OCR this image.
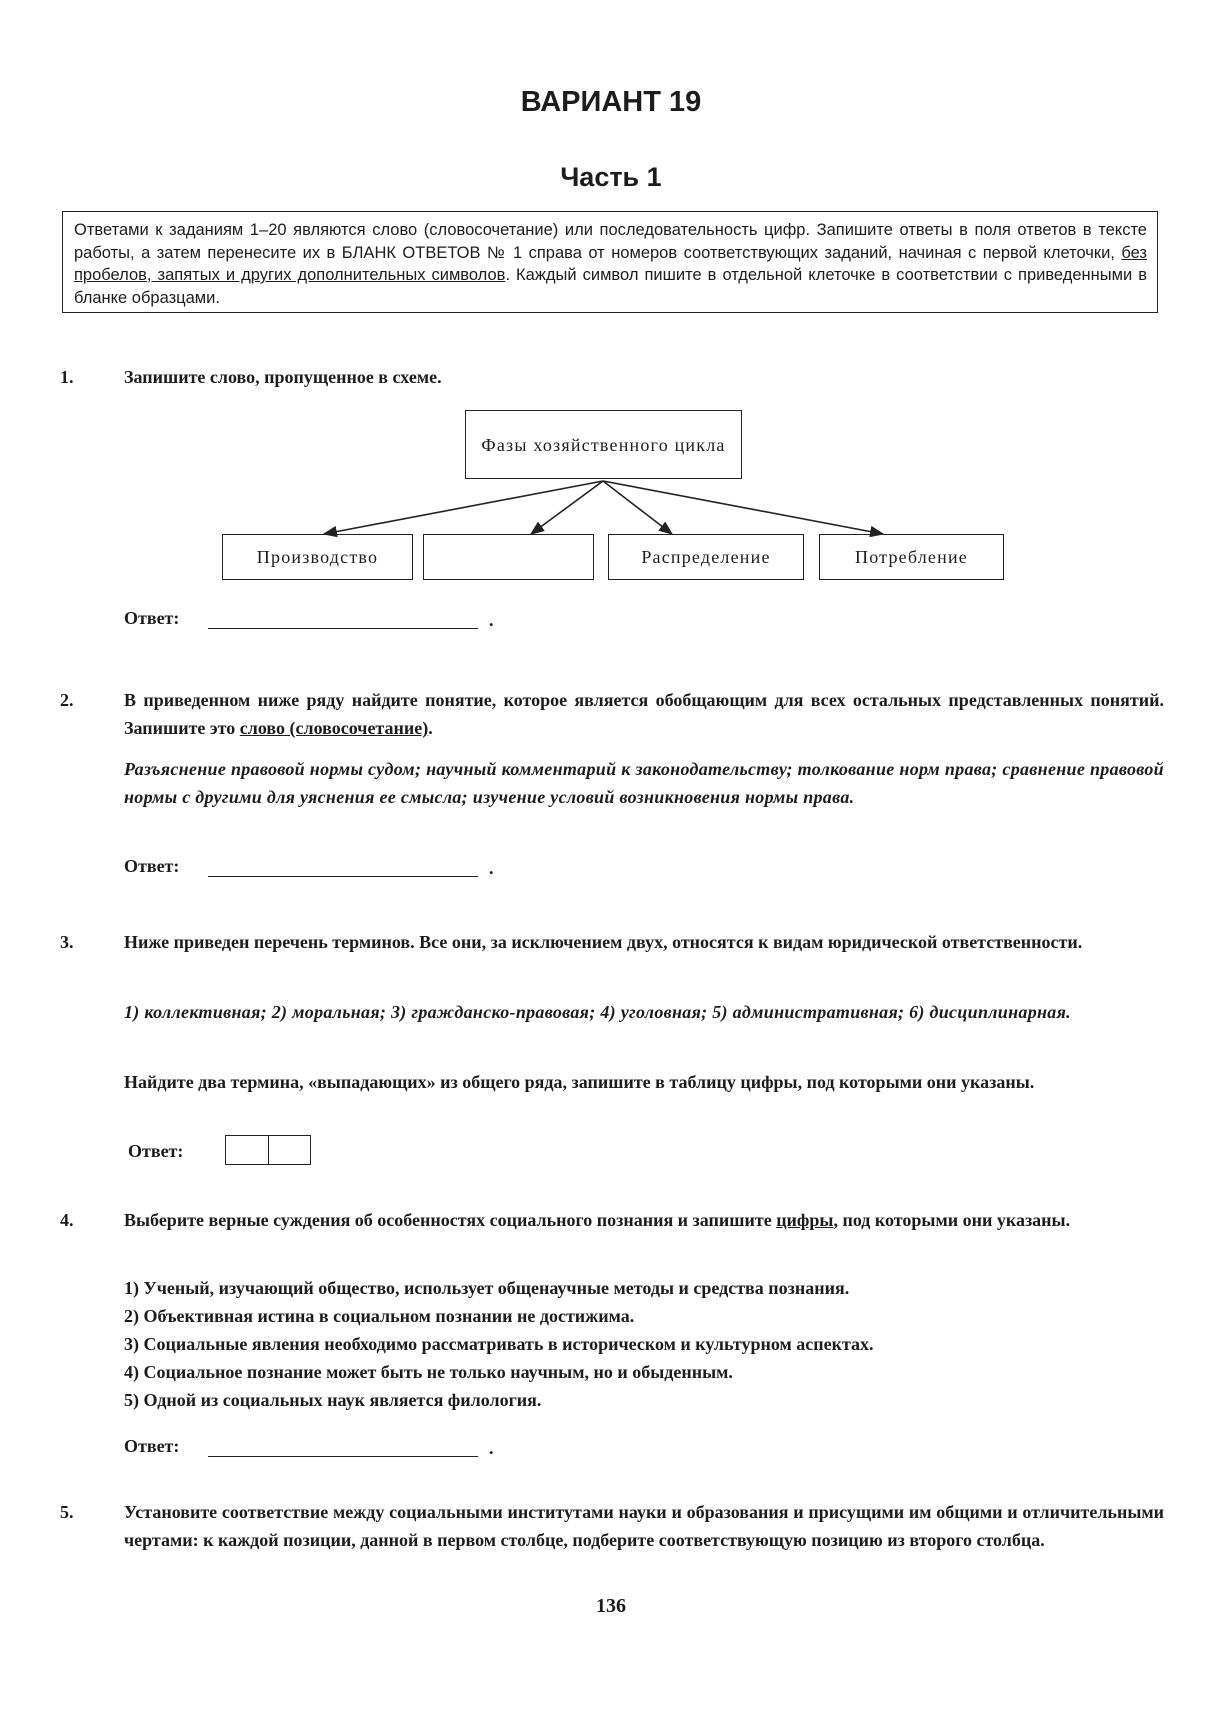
ВАРИАНТ 19
Часть 1
Ответами к заданиям 1–20 являются слово (словосочетание) или последовательность цифр. Запишите ответы в поля ответов в тексте работы, а затем перенесите их в БЛАНК ОТВЕТОВ № 1 справа от номеров соответствующих заданий, начиная с первой клеточки, без пробелов, запятых и других дополнительных символов. Каждый символ пишите в отдельной клеточке в соответствии с приведенными в бланке образцами.
1.	Запишите слово, пропущенное в схеме.
Фазы хозяйственного цикла
Производство	Распределение	Потребление
Ответ:	.
2.	В приведенном ниже ряду найдите понятие, которое является обобщающим для всех остальных представленных понятий. Запишите это слово (словосочетание).
Разъяснение правовой нормы судом; научный комментарий к законодательству; толкование норм права; сравнение правовой нормы с другими для уяснения ее смысла; изучение условий возникновения нормы права.
Ответ:	.
3.	Ниже приведен перечень терминов. Все они, за исключением двух, относятся к видам юридической ответственности.
1) коллективная; 2) моральная; 3) гражданско-правовая; 4) уголовная; 5) административная; 6) дисциплинарная.
Найдите два термина, «выпадающих» из общего ряда, запишите в таблицу цифры, под которыми они указаны.
Ответ:
4.	Выберите верные суждения об особенностях социального познания и запишите цифры, под которыми они указаны.
1) Ученый, изучающий общество, использует общенаучные методы и средства познания.
2) Объективная истина в социальном познании не достижима.
3) Социальные явления необходимо рассматривать в историческом и культурном аспектах.
4) Социальное познание может быть не только научным, но и обыденным.
5) Одной из социальных наук является филология.
Ответ:	.
5.	Установите соответствие между социальными институтами науки и образования и присущими им общими и отличительными чертами: к каждой позиции, данной в первом столбце, подберите соответствующую позицию из второго столбца.
136
